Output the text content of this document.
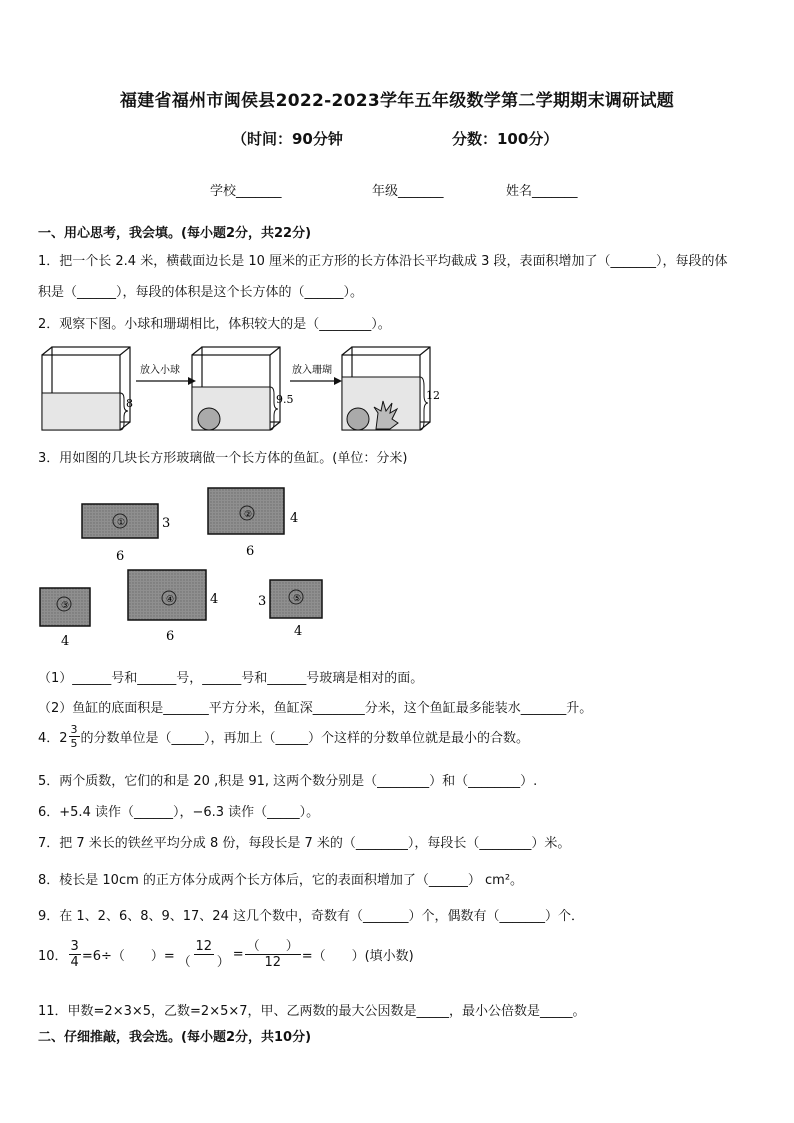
福建省福州市闽侯县2022-2023学年五年级数学第二学期期末调研试题
（时间：90分钟	分数：100分）
学校_______	年级_______	姓名_______
一、用心思考，我会填。(每小题2分，共22分)
1．把一个长 2.4 米，横截面边长是 10 厘米的正方形的长方体沿长平均截成 3 段，表面积增加了（_______），每段的体
积是（______），每段的体积是这个长方体的（______）。
2．观察下图。小球和珊瑚相比，体积较大的是（________）。
8
放入小球
9.5
放入珊瑚
12
3．用如图的几块长方形玻璃做一个长方体的鱼缸。(单位：分米)
①	3
6
②	4
6
③
4
④	4
6
⑤
3
4
（1）______号和______号，______号和______号玻璃是相对的面。
（2）鱼缸的底面积是_______平方分米，鱼缸深________分米，这个鱼缸最多能装水_______升。
4．$2 \frac{3}{5}$ 的分数单位是（_____），再加上（_____）个这样的分数单位就是最小的合数。
5．两个质数，它们的和是 20 ,积是 91, 这两个数分别是（________）和（________）.
6．+5.4 读作（______），−6.3 读作（_____）。
7．把 7 米长的铁丝平均分成 8 份，每段长是 7 米的（________），每段长（________）米。
8．棱长是 10cm 的正方体分成两个长方体后，它的表面积增加了（______） cm²。
9．在 1、2、6、8、9、17、24 这几个数中，奇数有（_______）个，偶数有（_______）个．
10． $\frac{3}{4} =6\div$（　　）= $\frac{12}{( )} = \frac{( )}{12}$ =（　　）(填小数)
11．甲数=2×3×5，乙数=2×5×7，甲、乙两数的最大公因数是_____，最小公倍数是_____。
二、仔细推敲，我会选。(每小题2分，共10分)
